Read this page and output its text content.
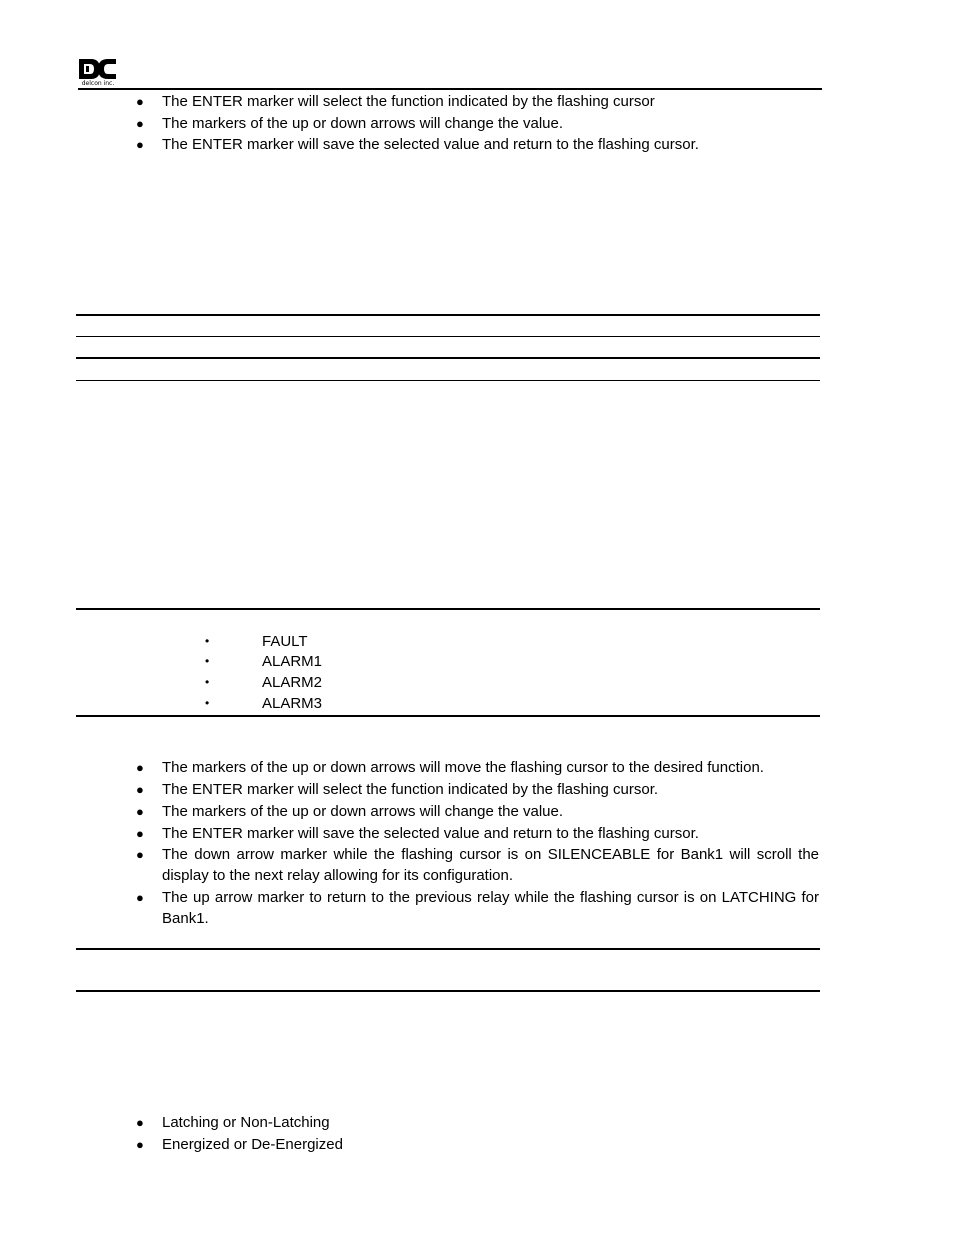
delcon inc.
● The ENTER marker will select the function indicated by the flashing cursor
● The markers of the up or down arrows will change the value.
● The ENTER marker will save the selected value and return to the flashing cursor.
•	FAULT
•	ALARM1
•	ALARM2
•	ALARM3
● The markers of the up or down arrows will move the flashing cursor to the desired function.
● The ENTER marker will select the function indicated by the flashing cursor.
● The markers of the up or down arrows will change the value.
● The ENTER marker will save the selected value and return to the flashing cursor.
● The down arrow marker while the flashing cursor is on SILENCEABLE for Bank1 will scroll the display to the next relay allowing for its configuration.
● The up arrow marker to return to the previous relay while the flashing cursor is on LATCHING for Bank1.
● Latching or Non-Latching
● Energized or De-Energized
